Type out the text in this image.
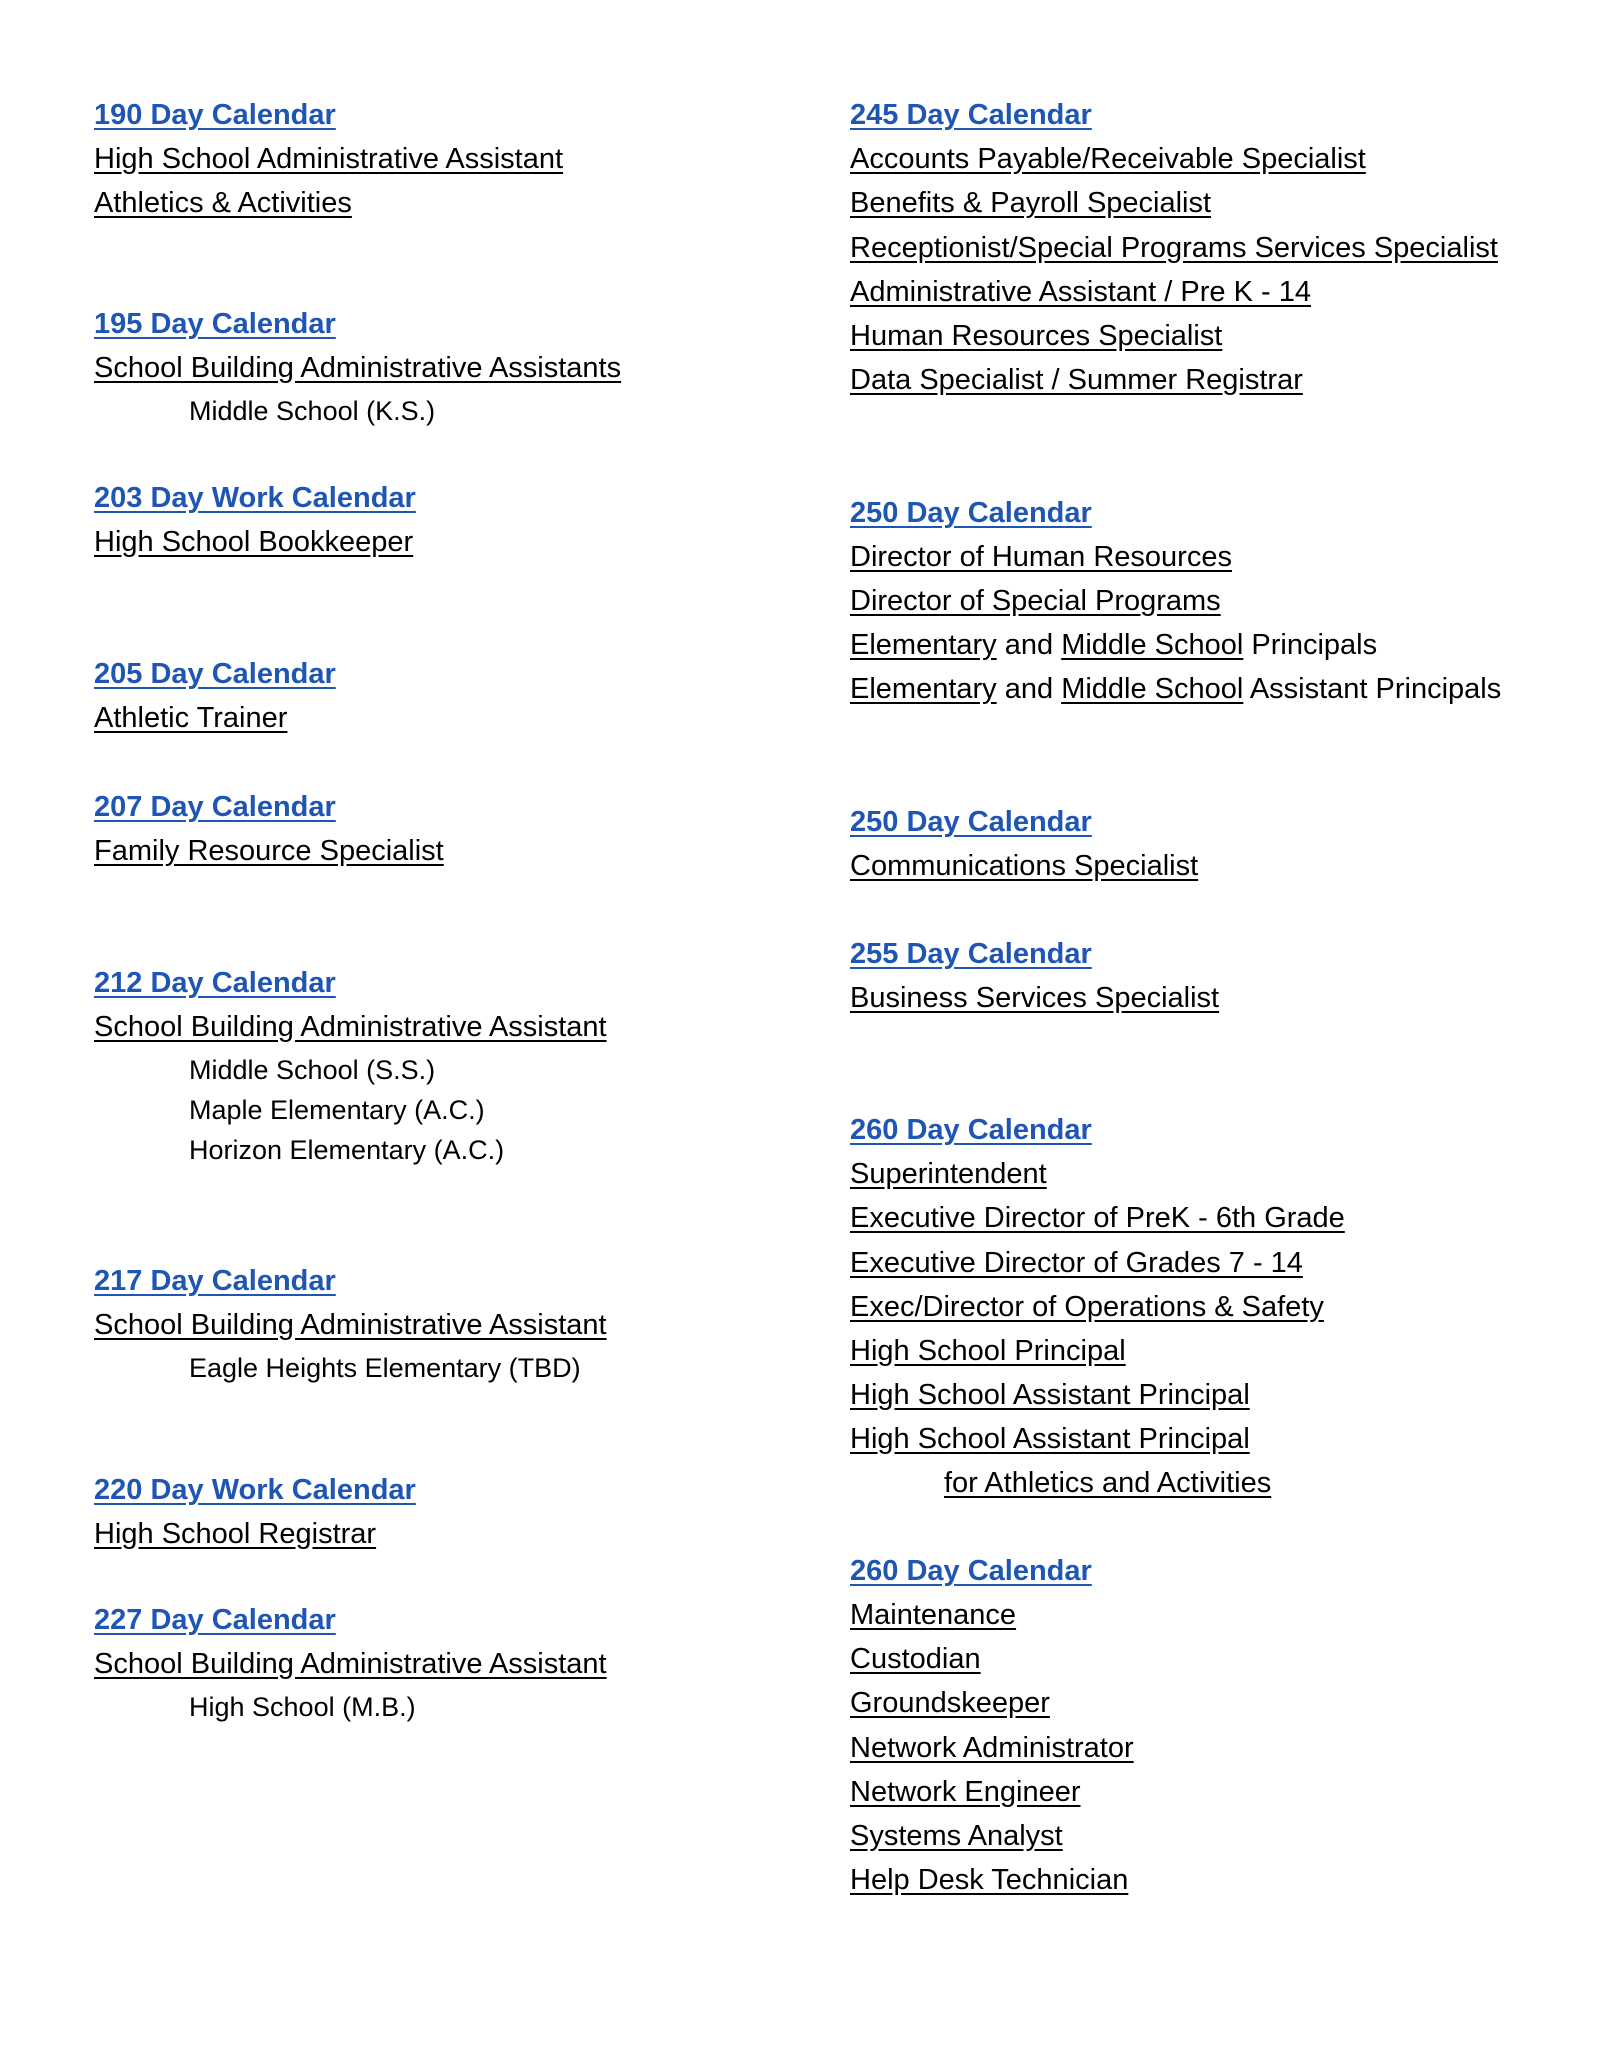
190 Day Calendar
High School Administrative Assistant
Athletics & Activities
195 Day Calendar
School Building Administrative Assistants
Middle School (K.S.)
203 Day Work Calendar
High School Bookkeeper
205 Day Calendar
Athletic Trainer
207 Day Calendar
Family Resource Specialist
212 Day Calendar
School Building Administrative Assistant
Middle School (S.S.)
Maple Elementary (A.C.)
Horizon Elementary (A.C.)
217 Day Calendar
School Building Administrative Assistant
Eagle Heights Elementary (TBD)
220 Day Work Calendar
High School Registrar
227 Day Calendar
School Building Administrative Assistant
High School (M.B.)
245 Day Calendar
Accounts Payable/Receivable Specialist
Benefits & Payroll Specialist
Receptionist/Special Programs Services Specialist
Administrative Assistant / Pre K - 14
Human Resources Specialist
Data Specialist / Summer Registrar
250 Day Calendar
Director of Human Resources
Director of Special Programs
Elementary and Middle School Principals
Elementary and Middle School Assistant Principals
250 Day Calendar
Communications Specialist
255 Day Calendar
Business Services Specialist
260 Day Calendar
Superintendent
Executive Director of PreK - 6th Grade
Executive Director of Grades 7 - 14
Exec/Director of Operations & Safety
High School Principal
High School Assistant Principal
High School Assistant Principal
for Athletics and Activities
260 Day Calendar
Maintenance
Custodian
Groundskeeper
Network Administrator
Network Engineer
Systems Analyst
Help Desk Technician
